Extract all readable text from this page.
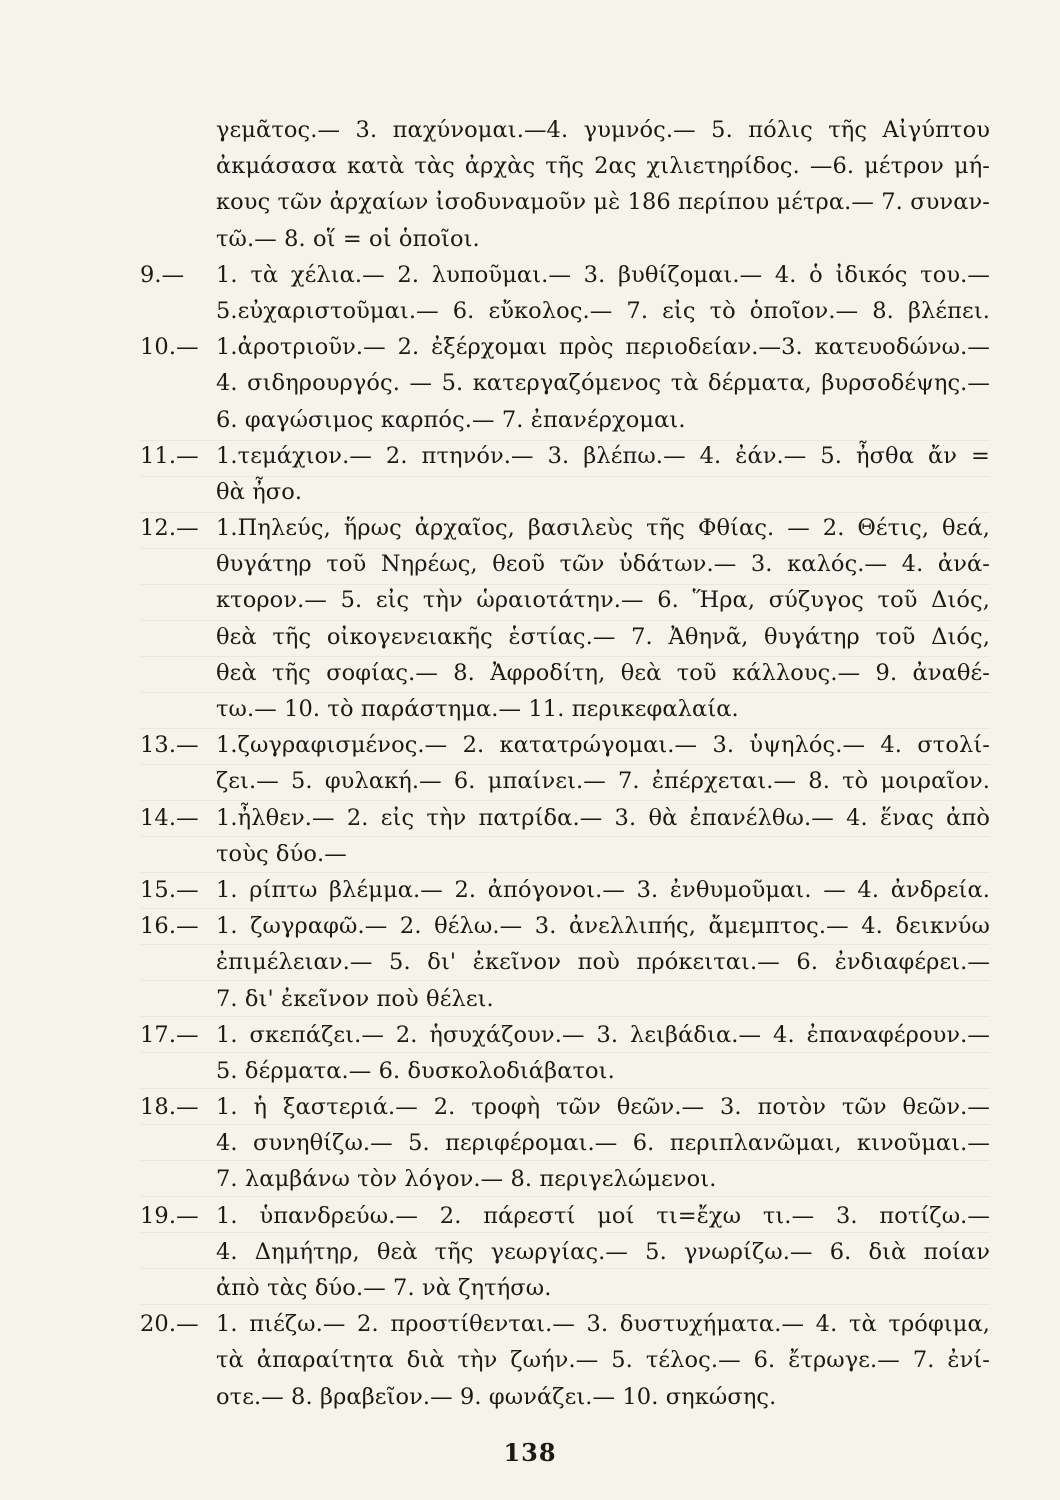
γεμᾶτος.— 3. παχύνομαι.—4. γυμνός.— 5. πόλις τῆς Αἰγύπτου
ἀκμάσασα κατὰ τὰς ἀρχὰς τῆς 2ας χιλιετηρίδος. —6. μέτρον μή-
κους τῶν ἀρχαίων ἰσοδυναμοῦν μὲ 186 περίπου μέτρα.— 7. συναν-
τῶ.— 8. οἵ = οἱ ὁποῖοι.
9.— 1. τὰ χέλια.— 2. λυποῦμαι.— 3. βυθίζομαι.— 4. ὁ ἰδικός του.—
5.εὐχαριστοῦμαι.— 6. εὔκολος.— 7. εἰς τὸ ὁποῖον.— 8. βλέπει.
10.— 1.ἀροτριοῦν.— 2. ἐξέρχομαι πρὸς περιοδείαν.—3. κατευοδώνω.—
4. σιδηρουργός. — 5. κατεργαζόμενος τὰ δέρματα, βυρσοδέψης.—
6. φαγώσιμος καρπός.— 7. ἐπανέρχομαι.
11.— 1.τεμάχιον.— 2. πτηνόν.— 3. βλέπω.— 4. ἐάν.— 5. ἦσθα ἄν =
θὰ ἦσο.
12.— 1.Πηλεύς, ἥρως ἀρχαῖος, βασιλεὺς τῆς Φθίας. — 2. Θέτις, θεά,
θυγάτηρ τοῦ Νηρέως, θεοῦ τῶν ὑδάτων.— 3. καλός.— 4. ἀνά-
κτορον.— 5. εἰς τὴν ὡραιοτάτην.— 6. Ἥρα, σύζυγος τοῦ Διός,
θεὰ τῆς οἰκογενειακῆς ἑστίας.— 7. Ἀθηνᾶ, θυγάτηρ τοῦ Διός,
θεὰ τῆς σοφίας.— 8. Ἀφροδίτη, θεὰ τοῦ κάλλους.— 9. ἀναθέ-
τω.— 10. τὸ παράστημα.— 11. περικεφαλαία.
13.— 1.ζωγραφισμένος.— 2. κατατρώγομαι.— 3. ὑψηλός.— 4. στολί-
ζει.— 5. φυλακή.— 6. μπαίνει.— 7. ἐπέρχεται.— 8. τὸ μοιραῖον.
14.— 1.ἦλθεν.— 2. εἰς τὴν πατρίδα.— 3. θὰ ἐπανέλθω.— 4. ἕνας ἀπὸ
τοὺς δύο.—
15.— 1. ρίπτω βλέμμα.— 2. ἀπόγονοι.— 3. ἐνθυμοῦμαι. — 4. ἀνδρεία.
16.— 1. ζωγραφῶ.— 2. θέλω.— 3. ἀνελλιπής, ἄμεμπτος.— 4. δεικνύω
ἐπιμέλειαν.— 5. δι' ἐκεῖνον ποὺ πρόκειται.— 6. ἐνδιαφέρει.—
7. δι' ἐκεῖνον ποὺ θέλει.
17.— 1. σκεπάζει.— 2. ἡσυχάζουν.— 3. λειβάδια.— 4. ἐπαναφέρουν.—
5. δέρματα.— 6. δυσκολοδιάβατοι.
18.— 1. ἡ ξαστεριά.— 2. τροφὴ τῶν θεῶν.— 3. ποτὸν τῶν θεῶν.—
4. συνηθίζω.— 5. περιφέρομαι.— 6. περιπλανῶμαι, κινοῦμαι.—
7. λαμβάνω τὸν λόγον.— 8. περιγελώμενοι.
19.— 1. ὑπανδρεύω.— 2. πάρεστί μοί τι=ἔχω τι.— 3. ποτίζω.—
4. Δημήτηρ, θεὰ τῆς γεωργίας.— 5. γνωρίζω.— 6. διὰ ποίαν
ἀπὸ τὰς δύο.— 7. νὰ ζητήσω.
20.— 1. πιέζω.— 2. προστίθενται.— 3. δυστυχήματα.— 4. τὰ τρόφιμα,
τὰ ἀπαραίτητα διὰ τὴν ζωήν.— 5. τέλος.— 6. ἔτρωγε.— 7. ἐνί-
οτε.— 8. βραβεῖον.— 9. φωνάζει.— 10. σηκώσης.
138
